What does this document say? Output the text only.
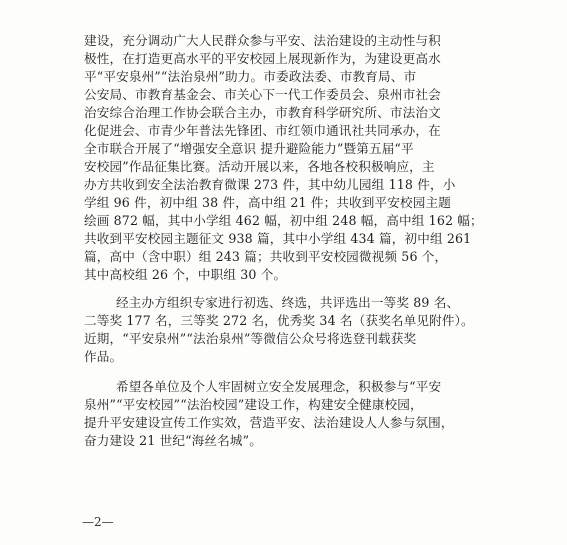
建设，充分调动广大人民群众参与平安、法治建设的主动性与积
极性，在打造更高水平的平安校园上展现新作为，为建设更高水
平“平安泉州”“法治泉州”助力。市委政法委、市教育局、市
公安局、市教育基金会、市关心下一代工作委员会、泉州市社会
治安综合治理工作协会联合主办，市教育科学研究所、市法治文
化促进会、市青少年普法先锋团、市红领巾通讯社共同承办，在
全市联合开展了“增强安全意识 提升避险能力”暨第五届“平
安校园”作品征集比赛。活动开展以来，各地各校积极响应，主
办方共收到安全法治教育微课 273 件，其中幼儿园组 118 件，小
学组 96 件，初中组 38 件，高中组 21 件；共收到平安校园主题
绘画 872 幅，其中小学组 462 幅，初中组 248 幅，高中组 162 幅；
共收到平安校园主题征文 938 篇，其中小学组 434 篇，初中组 261
篇，高中（含中职）组 243 篇；共收到平安校园微视频 56 个，
其中高校组 26 个，中职组 30 个。
经主办方组织专家进行初选、终选，共评选出一等奖 89 名、
二等奖 177 名，三等奖 272 名，优秀奖 34 名（获奖名单见附件）。
近期，“平安泉州”“法治泉州”等微信公众号将选登刊载获奖
作品。
希望各单位及个人牢固树立安全发展理念，积极参与“平安
泉州”“平安校园”“法治校园”建设工作，构建安全健康校园，
提升平安建设宣传工作实效，营造平安、法治建设人人参与氛围，
奋力建设 21 世纪“海丝名城”。
—2—
